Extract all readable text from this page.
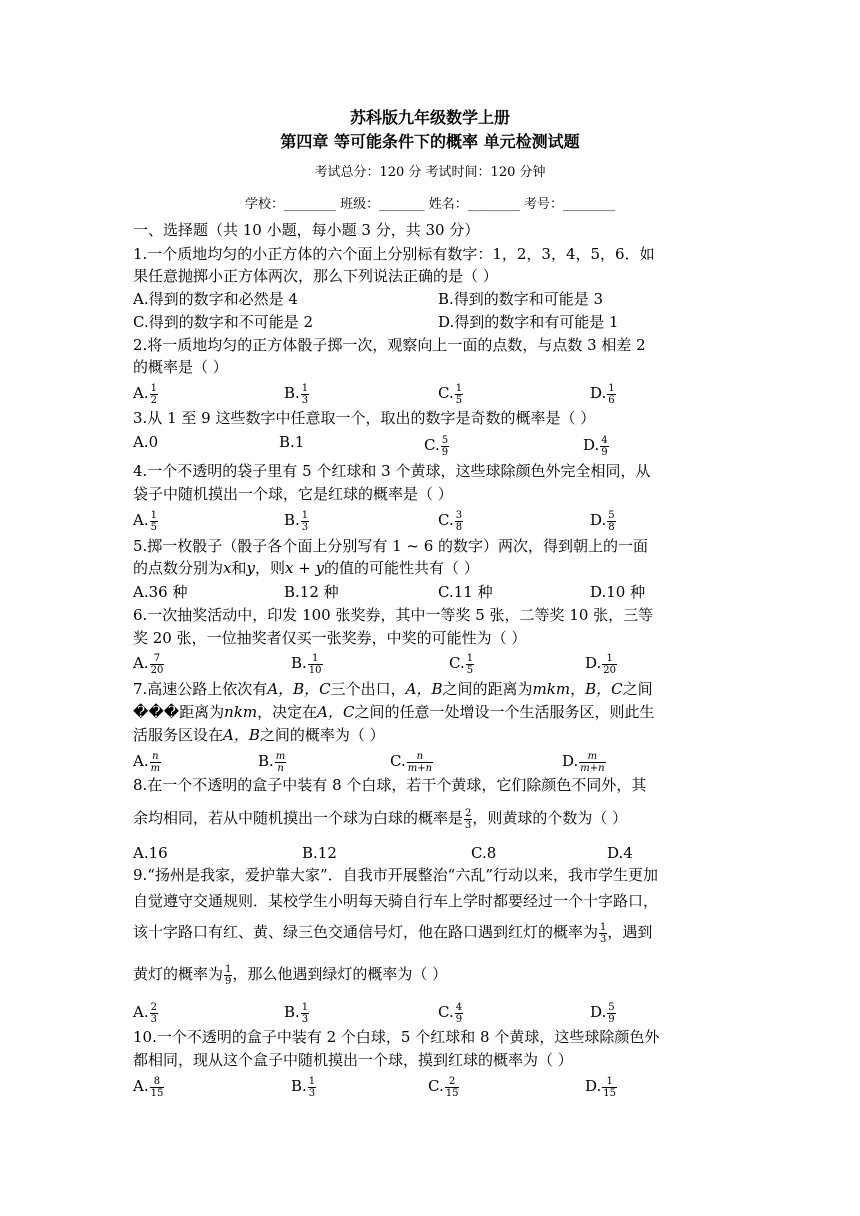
苏科版九年级数学上册
第四章 等可能条件下的概率 单元检测试题
考试总分：120 分 考试时间：120 分钟
学校：________ 班级：_______ 姓名：________ 考号：________
一、选择题（共 10 小题，每小题 3 分，共 30 分）
1.一个质地均匀的小正方体的六个面上分别标有数字：1，2，3，4，5，6．如
果任意抛掷小正方体两次，那么下列说法正确的是（ ）
A.得到的数字和必然是 4	B.得到的数字和可能是 3
C.得到的数字和不可能是 2	D.得到的数字和有可能是 1
2.将一质地均匀的正方体骰子掷一次，观察向上一面的点数，与点数 3 相差 2
的概率是（ ）
A. $\frac{1}{2}$	B. $\frac{1}{3}$	C. $\frac{1}{5}$	D. $\frac{1}{6}$
3.从 1 至 9 这些数字中任意取一个，取出的数字是奇数的概率是（ ）
A.0	B.1	C. $\frac{5}{9}$	D. $\frac{4}{9}$
4.一个不透明的袋子里有 5 个红球和 3 个黄球，这些球除颜色外完全相同，从
袋子中随机摸出一个球，它是红球的概率是（ ）
A. $\frac{1}{5}$	B. $\frac{1}{3}$	C. $\frac{3}{8}$	D. $\frac{5}{8}$
5.掷一枚骰子（骰子各个面上分别写有 1 ~ 6 的数字）两次，得到朝上的一面
的点数分别为x和y，则x + y的值的可能性共有（ ）
A.36 种	B.12 种	C.11 种	D.10 种
6.一次抽奖活动中，印发 100 张奖券，其中一等奖 5 张，二等奖 10 张，三等
奖 20 张，一位抽奖者仅买一张奖券，中奖的可能性为（ ）
A. $\frac{7}{20}$	B. $\frac{1}{10}$	C. $\frac{1}{5}$	D. $\frac{1}{20}$
7.高速公路上依次有A，B，C三个出口，A，B之间的距离为mkm，B，C之间
���距离为nkm，决定在A，C之间的任意一处增设一个生活服务区，则此生
活服务区设在A，B之间的概率为（ ）
A. $\frac{n}{m}$	B. $\frac{m}{n}$	C. $\frac{n}{m+n}$	D. $\frac{m}{m+n}$
8.在一个不透明的盒子中装有 8 个白球，若干个黄球，它们除颜色不同外，其
余均相同，若从中随机摸出一个球为白球的概率是 $\frac{2}{3}$ ，则黄球的个数为（ ）
A.16	B.12	C.8	D.4
9.“扬州是我家，爱护靠大家”．自我市开展整治“六乱”行动以来，我市学生更加
自觉遵守交通规则．某校学生小明每天骑自行车上学时都要经过一个十字路口，
该十字路口有红、黄、绿三色交通信号灯，他在路口遇到红灯的概率为 $\frac{1}{3}$ ，遇到
黄灯的概率为 $\frac{1}{9}$ ，那么他遇到绿灯的概率为（ ）
A. $\frac{2}{3}$	B. $\frac{1}{3}$	C. $\frac{4}{9}$	D. $\frac{5}{9}$
10.一个不透明的盒子中装有 2 个白球，5 个红球和 8 个黄球，这些球除颜色外
都相同，现从这个盒子中随机摸出一个球，摸到红球的概率为（ ）
A. $\frac{8}{15}$	B. $\frac{1}{3}$	C. $\frac{2}{15}$	D. $\frac{1}{15}$
